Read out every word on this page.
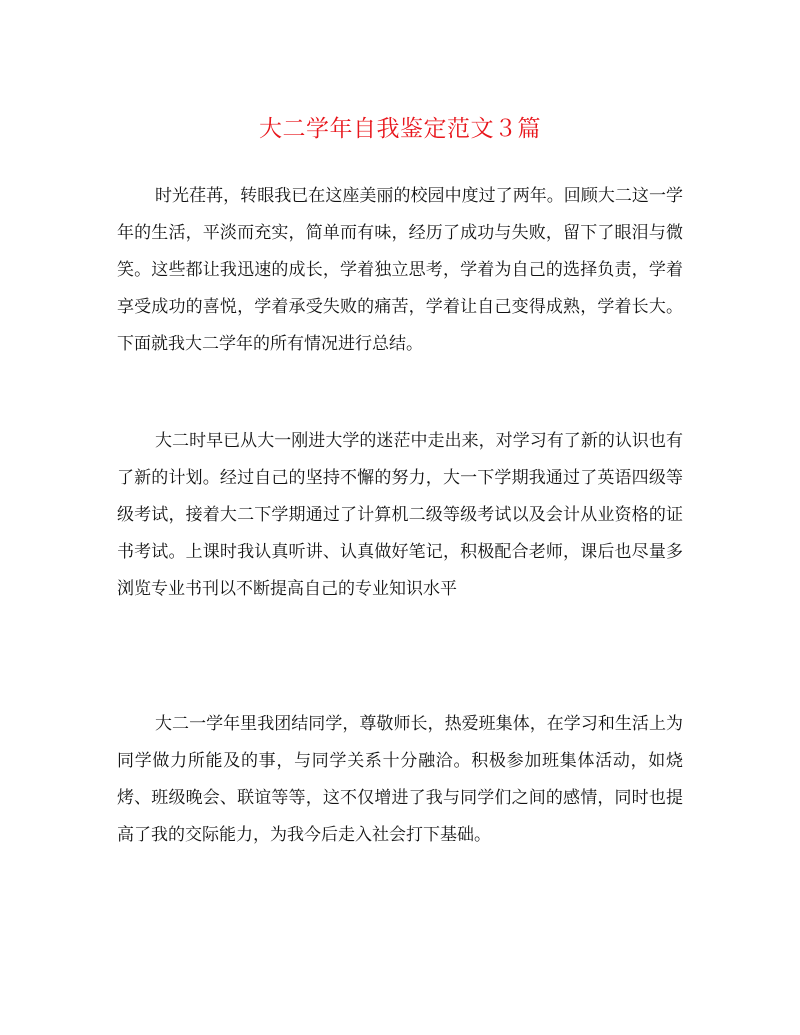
大二学年自我鉴定范文３篇

时光荏苒，转眼我已在这座美丽的校园中度过了两年。回顾大二这一学年的生活，平淡而充实，简单而有味，经历了成功与失败，留下了眼泪与微笑。这些都让我迅速的成长，学着独立思考，学着为自己的选择负责，学着享受成功的喜悦，学着承受失败的痛苦，学着让自己变得成熟，学着长大。下面就我大二学年的所有情况进行总结。

大二时早已从大一刚进大学的迷茫中走出来，对学习有了新的认识也有了新的计划。经过自己的坚持不懈的努力，大一下学期我通过了英语四级等级考试，接着大二下学期通过了计算机二级等级考试以及会计从业资格的证书考试。上课时我认真听讲、认真做好笔记，积极配合老师，课后也尽量多浏览专业书刊以不断提高自己的专业知识水平

大二一学年里我团结同学，尊敬师长，热爱班集体，在学习和生活上为同学做力所能及的事，与同学关系十分融洽。积极参加班集体活动，如烧烤、班级晚会、联谊等等，这不仅增进了我与同学们之间的感情，同时也提高了我的交际能力，为我今后走入社会打下基础。
